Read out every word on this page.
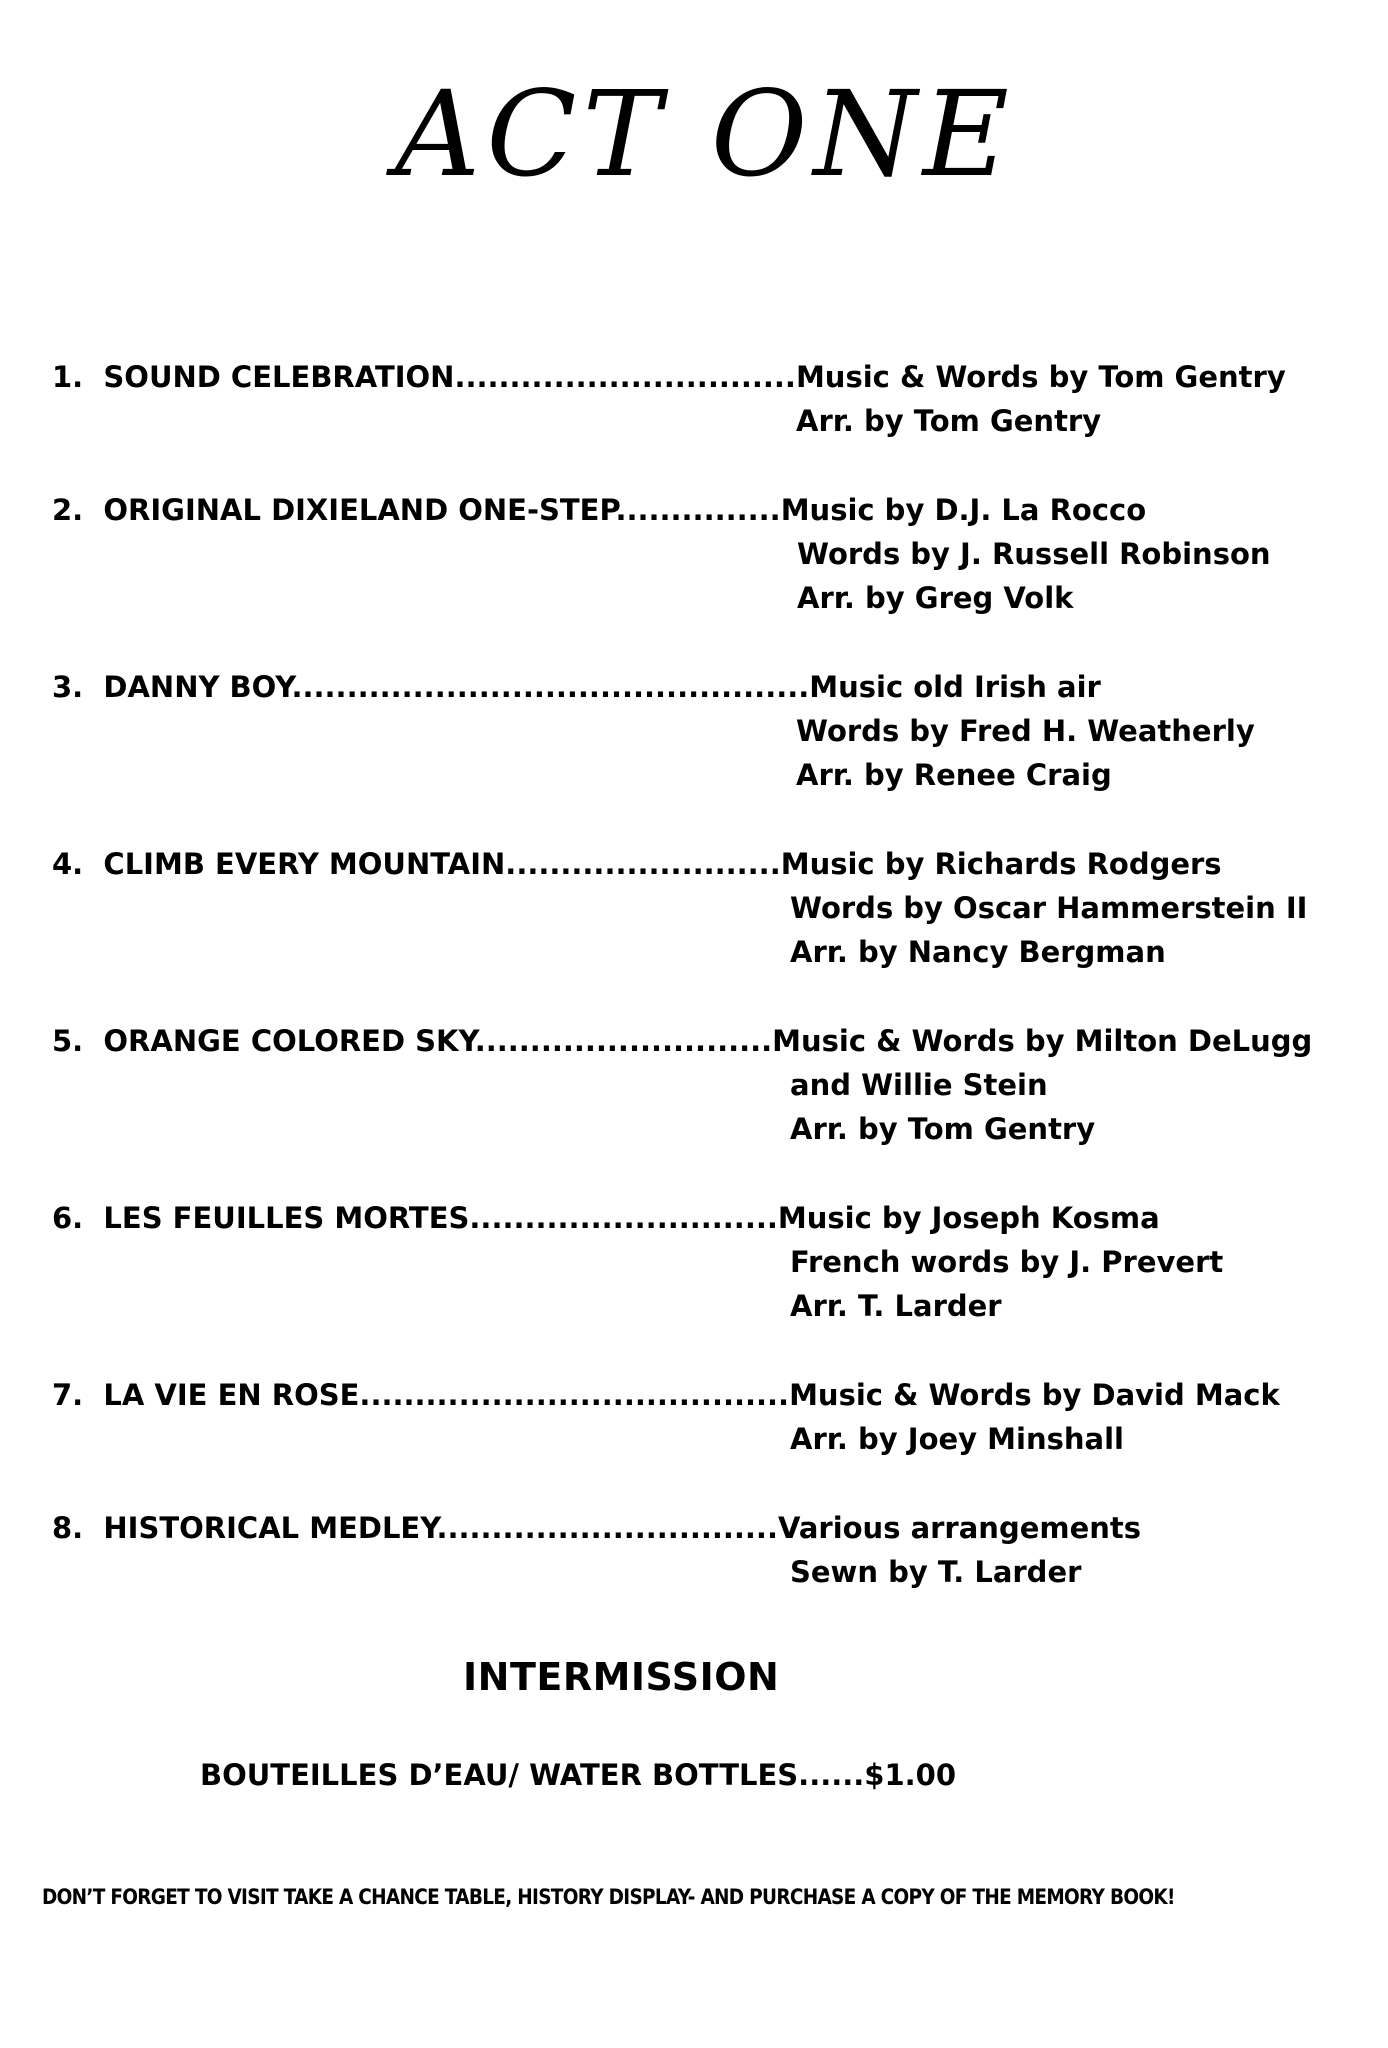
ACT ONE
1. SOUND CELEBRATION...............................Music & Words by Tom Gentry
Arr. by Tom Gentry
2. ORIGINAL DIXIELAND ONE-STEP...............Music by D.J. La Rocco
Words by J. Russell Robinson
Arr. by Greg Volk
3. DANNY BOY...............................................Music old Irish air
Words by Fred H. Weatherly
Arr. by Renee Craig
4. CLIMB EVERY MOUNTAIN.........................Music by Richards Rodgers
Words by Oscar Hammerstein II
Arr. by Nancy Bergman
5. ORANGE COLORED SKY...........................Music & Words by Milton DeLugg
and Willie Stein
Arr. by Tom Gentry
6. LES FEUILLES MORTES............................Music by Joseph Kosma
French words by J. Prevert
Arr. T. Larder
7. LA VIE EN ROSE.......................................Music & Words by David Mack
Arr. by Joey Minshall
8. HISTORICAL MEDLEY...............................Various arrangements
Sewn by T. Larder
INTERMISSION
BOUTEILLES D’EAU/ WATER BOTTLES......$1.00
DON’T FORGET TO VISIT TAKE A CHANCE TABLE, HISTORY DISPLAY- AND PURCHASE A COPY OF THE MEMORY BOOK!
